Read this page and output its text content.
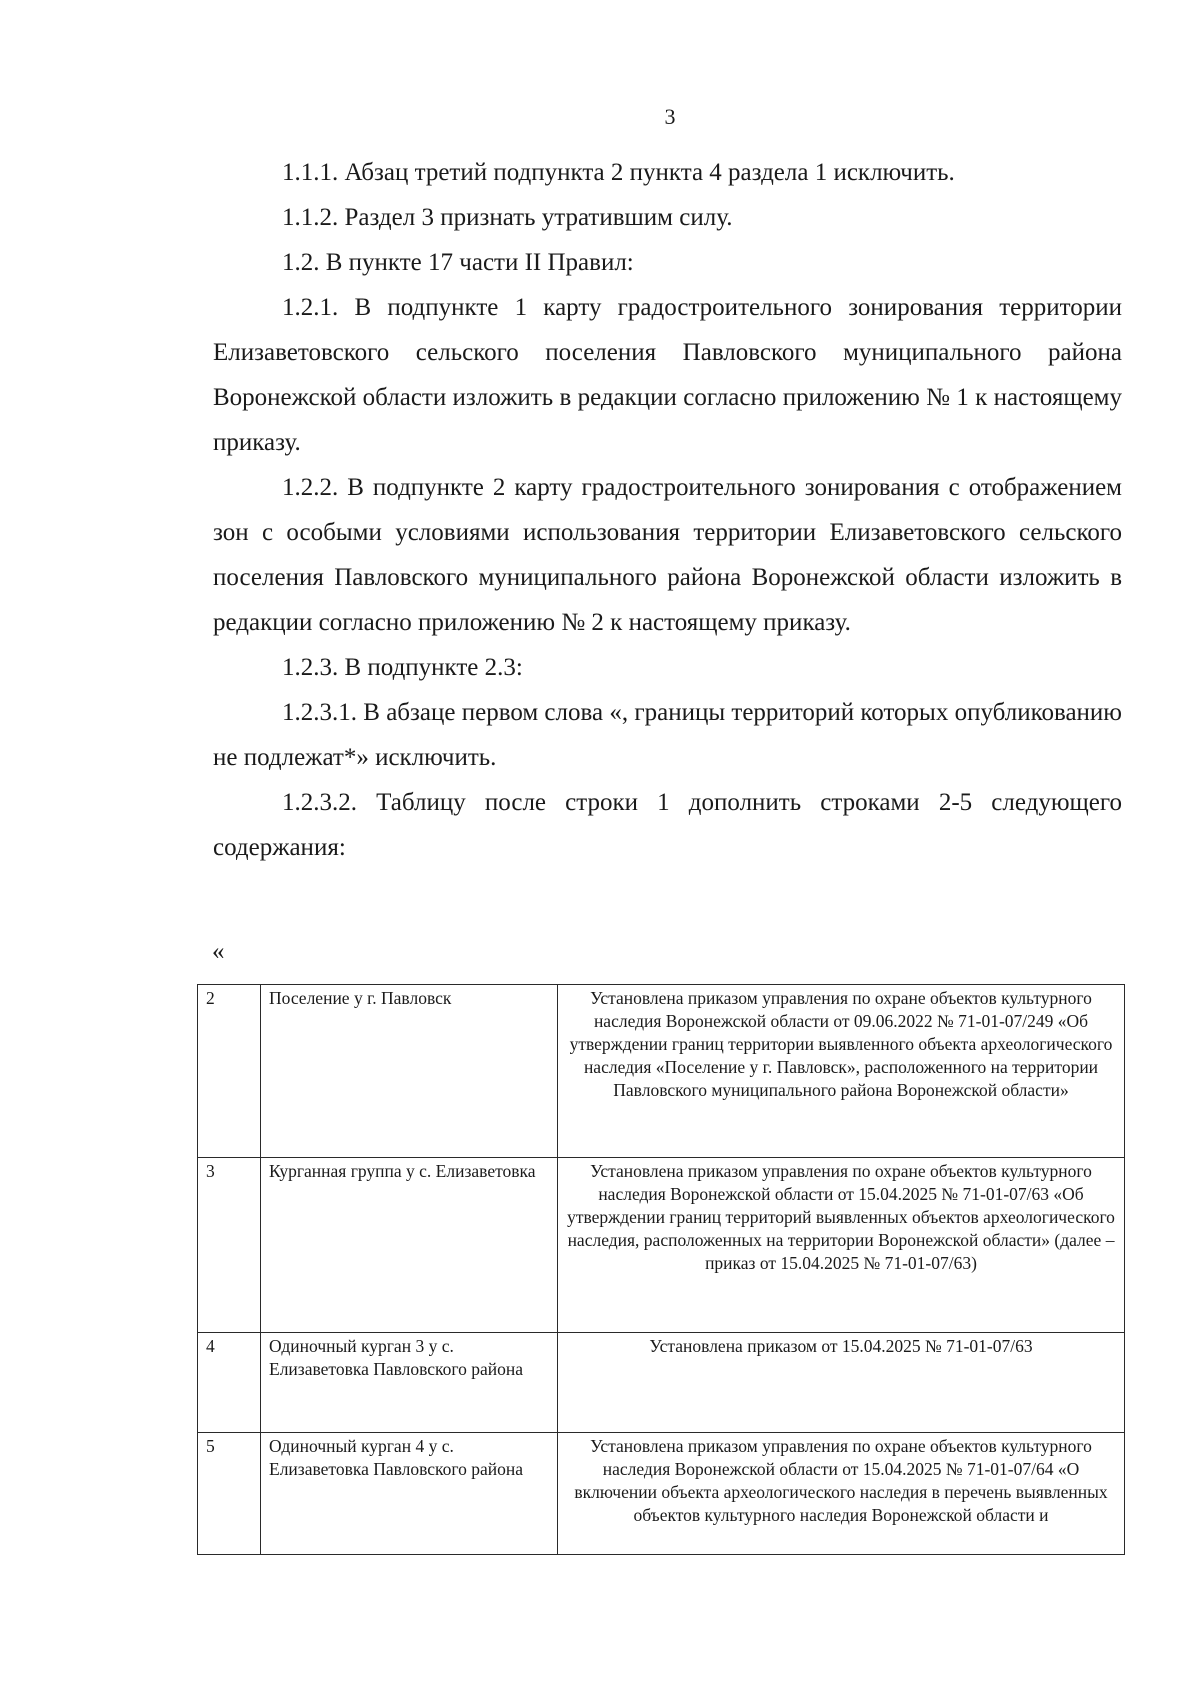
3

1.1.1. Абзац третий подпункта 2 пункта 4 раздела 1 исключить.

1.1.2. Раздел 3 признать утратившим силу.

1.2. В пункте 17 части II Правил:

1.2.1. В подпункте 1 карту градостроительного зонирования территории Елизаветовского сельского поселения Павловского муниципального района Воронежской области изложить в редакции согласно приложению № 1 к настоящему приказу.

1.2.2. В подпункте 2 карту градостроительного зонирования с отображением зон с особыми условиями использования территории Елизаветовского сельского поселения Павловского муниципального района Воронежской области изложить в редакции согласно приложению № 2 к настоящему приказу.

1.2.3. В подпункте 2.3:

1.2.3.1. В абзаце первом слова «, границы территорий которых опубликованию не подлежат*» исключить.

1.2.3.2. Таблицу после строки 1 дополнить строками 2-5 следующего содержания:

«
2	Поселение у г. Павловск	Установлена приказом управления по охране объектов культурного наследия Воронежской области от 09.06.2022 № 71-01-07/249 «Об утверждении границ территории выявленного объекта археологического наследия «Поселение у г. Павловск», расположенного на территории Павловского муниципального района Воронежской области»
3	Курганная группа у с. Елизаветовка	Установлена приказом управления по охране объектов культурного наследия Воронежской области от 15.04.2025 № 71-01-07/63 «Об утверждении границ территорий выявленных объектов археологического наследия, расположенных на территории Воронежской области» (далее – приказ от 15.04.2025 № 71-01-07/63)
4	Одиночный курган 3 у с. Елизаветовка Павловского района	Установлена приказом от 15.04.2025 № 71-01-07/63
5	Одиночный курган 4 у с. Елизаветовка Павловского района	Установлена приказом управления по охране объектов культурного наследия Воронежской области от 15.04.2025 № 71-01-07/64 «О включении объекта археологического наследия в перечень выявленных объектов культурного наследия Воронежской области и
